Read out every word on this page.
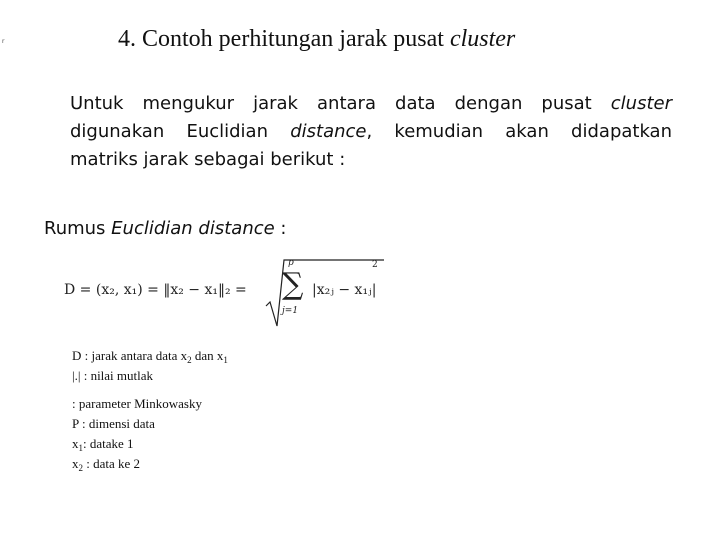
r	4. Contoh perhitungan jarak pusat cluster
Untuk mengukur jarak antara data dengan pusat cluster
digunakan Euclidian distance, kemudian akan didapatkan
matriks jarak sebagai berikut :
Rumus Euclidian distance :
D = (x₂, x₁) = ‖x₂ − x₁‖₂ =
p
∑
j=1
|x₂ⱼ − x₁ⱼ|
2
D : jarak antara data $x_2$ dan $x_1$
|.| : nilai mutlak
: parameter Minkowasky
P : dimensi data
$x_1$: datake 1
$x_2$ : data ke 2
